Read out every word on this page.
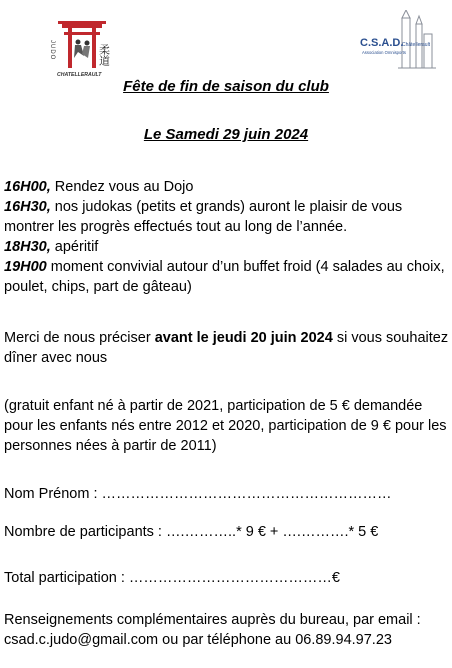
JUDO	柔道
CHATELLERAULT
C.S.A.D.
Châtellerault
Association Omnisports
Fête de fin de saison du club
Le Samedi 29 juin 2024

16H00, Rendez vous au Dojo

16H30, nos judokas (petits et grands) auront le plaisir de vous montrer les progrès effectués tout au long de l’année.

18H30, apéritif

19H00 moment convivial autour d’un buffet froid (4 salades au choix, poulet, chips, part de gâteau)

Merci de nous préciser avant le jeudi 20 juin 2024 si vous souhaitez dîner avec nous

(gratuit enfant né à partir de 2021, participation de 5 € demandée pour les enfants nés entre 2012 et 2020, participation de 9 € pour les personnes nées à partir de 2011)
Nom Prénom : ……………………………………………………
Nombre de participants : ….………..* 9 € + ….……….* 5 €
Total participation : ……………………………………€

Renseignements complémentaires auprès du bureau, par email :

csad.c.judo@gmail.com ou par téléphone au 06.89.94.97.23
